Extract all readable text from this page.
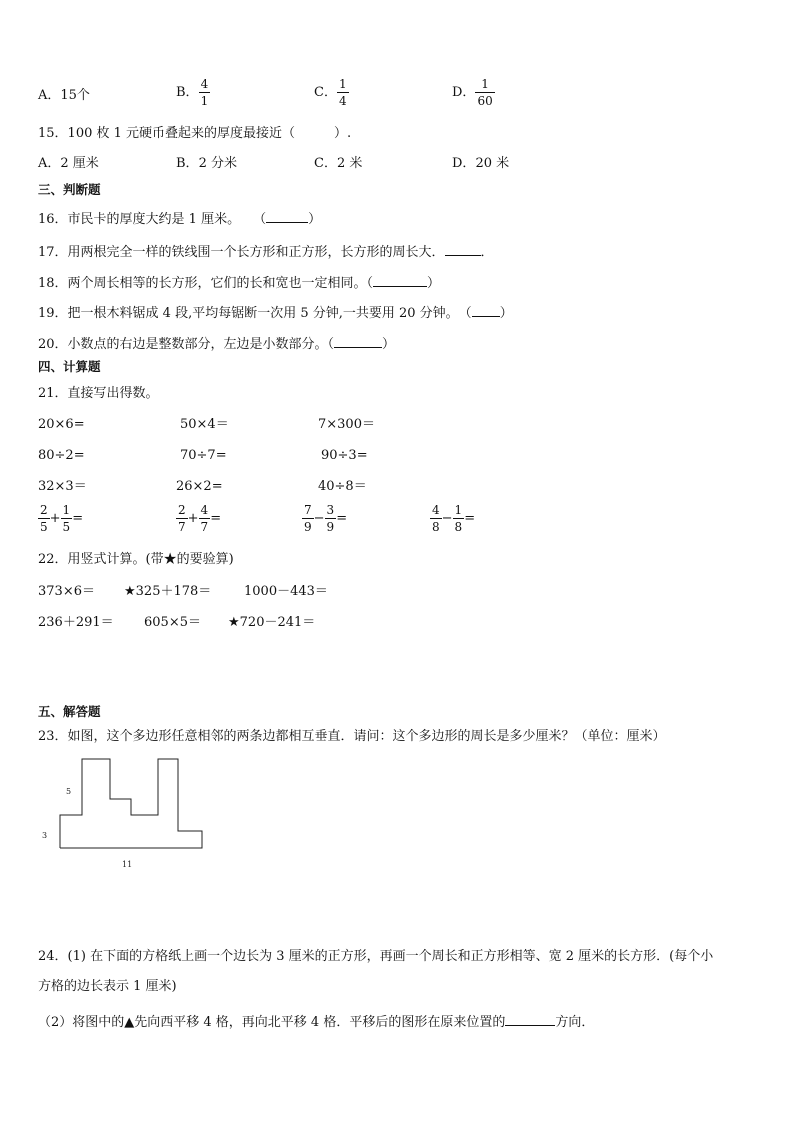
A．15个	B． $\frac{4}{1}$	C． $\frac{1}{4}$	D． $\frac{1}{60}$
15．100 枚 1 元硬币叠起来的厚度最接近（　　　）.
A．2 厘米	B．2 分米	C．2 米	D．20 米
三、判断题
16．市民卡的厚度大约是 1 厘米。　　（	）
17．用两根完全一样的铁线围一个长方形和正方形，长方形的周长大．	．
18．两个周长相等的长方形，它们的长和宽也一定相同。（	）
19．把一根木料锯成 4 段,平均每锯断一次用 5 分钟,一共要用 20 分钟。　（ ）
20．小数点的右边是整数部分，左边是小数部分。（	）
四、计算题
21．直接写出得数。
20×6=	50×4＝	7×300＝
80÷2=	70÷7=	90÷3=
32×3＝	26×2=	40÷8＝
$\frac{2}{5} + \frac{1}{5}$ =	$\frac{2}{7} + \frac{4}{7}$ =	$\frac{7}{9} - \frac{3}{9}$ =	$\frac{4}{8} - \frac{1}{8}$ =
22．用竖式计算。(带★的要验算)
373×6＝ ★325＋178＝	1000－443＝
236＋291＝ 605×5＝ ★720－241＝
五、解答题
23．如图，这个多边形任意相邻的两条边都相互垂直．请问：这个多边形的周长是多少厘米？（单位：厘米）
5
3
11
24．(1) 在下面的方格纸上画一个边长为 3 厘米的正方形，再画一个周长和正方形相等、宽 2 厘米的长方形．(每个小
方格的边长表示 1 厘米)
（2）将图中的▲先向西平移 4 格，再向北平移 4 格．平移后的图形在原来位置的	方向．
